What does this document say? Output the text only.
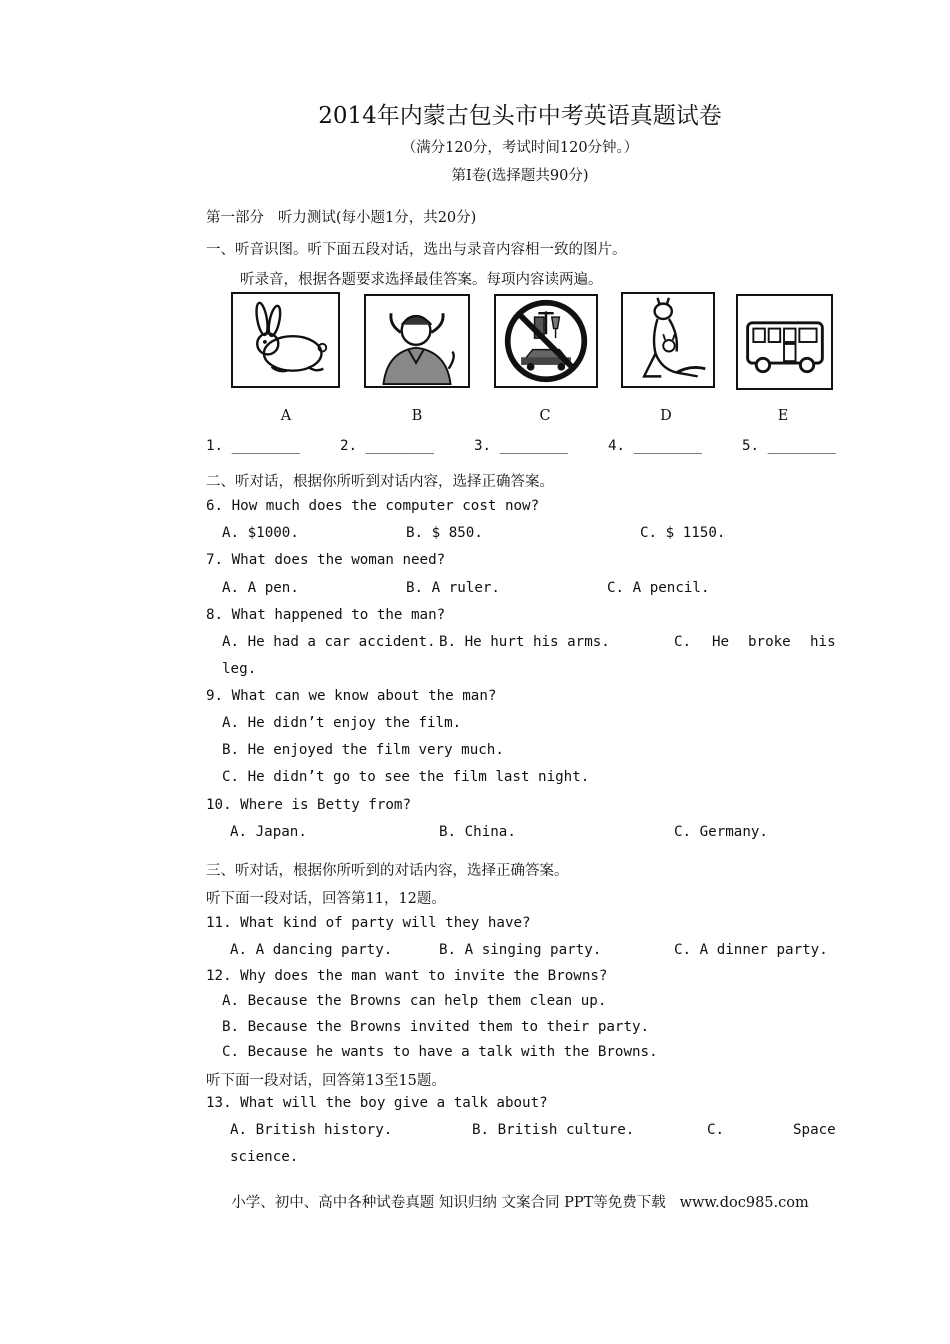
2014年内蒙古包头市中考英语真题试卷
（满分120分，考试时间120分钟。）
第Ⅰ卷(选择题共90分)
第一部分   听力测试(每小题1分，共20分)
一、听音识图。听下面五段对话，选出与录音内容相一致的图片。
听录音，根据各题要求选择最佳答案。每项内容读两遍。
A	B	C	D	E
1. ________	2. ________	3. ________	4. ________	5. ________
二、听对话，根据你所听到对话内容，选择正确答案。
6. How much does the computer cost now?
A. $1000.	B. $ 850.	C. $ 1150.
7. What does the woman need?
A. A pen.	B. A ruler.	C. A pencil.
8. What happened to the man?
A. He had a car accident. B. He hurt his arms.	C. He broke his
leg.
9. What can we know about the man?
A. He didn’t enjoy the film.
B. He enjoyed the film very much.
C. He didn’t go to see the film last night.
10. Where is Betty from?
A. Japan.	B. China.	C. Germany.
三、听对话，根据你所听到的对话内容，选择正确答案。
听下面一段对话，回答第11，12题。
11. What kind of party will they have?
A. A dancing party.	B. A singing party.	C. A dinner party.
12. Why does the man want to invite the Browns?
A. Because the Browns can help them clean up.
B. Because the Browns invited them to their party.
C. Because he wants to have a talk with the Browns.
听下面一段对话，回答第13至15题。
13. What will the boy give a talk about?
A. British history.	B. British culture.	C.	Space
science.
小学、初中、高中各种试卷真题 知识归纳 文案合同 PPT等免费下载   www.doc985.com
